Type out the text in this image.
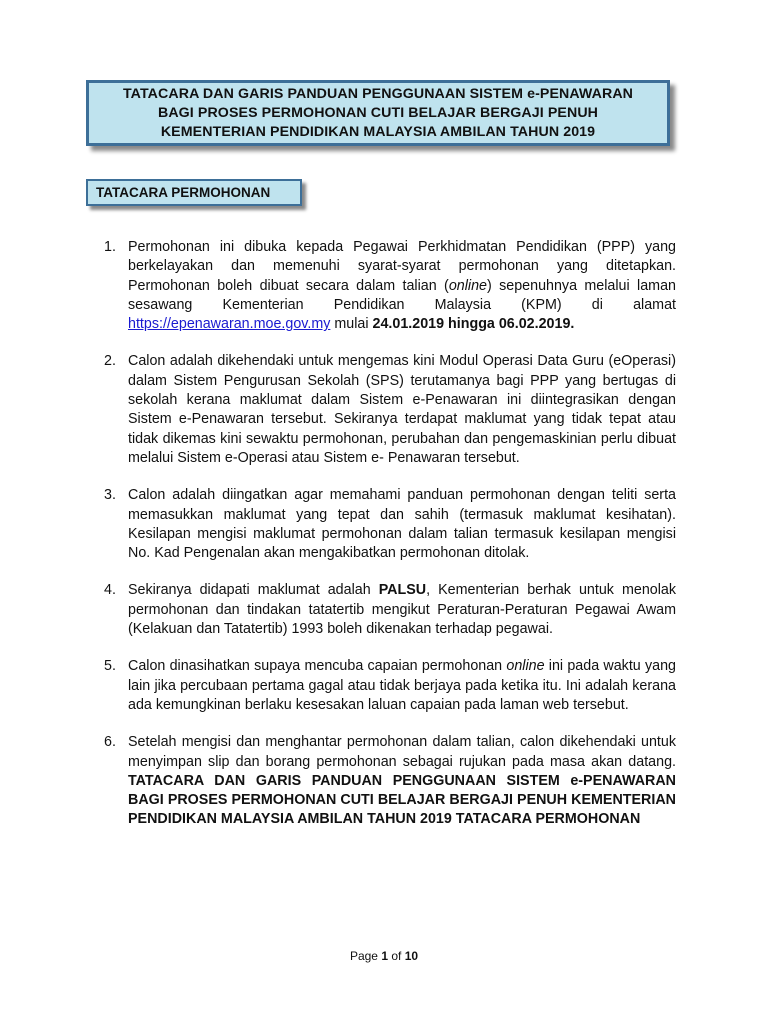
TATACARA DAN GARIS PANDUAN PENGGUNAAN SISTEM e-PENAWARAN
BAGI PROSES PERMOHONAN CUTI BELAJAR BERGAJI PENUH
KEMENTERIAN PENDIDIKAN MALAYSIA AMBILAN TAHUN 2019
TATACARA PERMOHONAN
1. Permohonan ini dibuka kepada Pegawai Perkhidmatan Pendidikan (PPP) yang berkelayakan dan memenuhi syarat-syarat permohonan yang ditetapkan. Permohonan boleh dibuat secara dalam talian (online) sepenuhnya melalui laman sesawang Kementerian Pendidikan Malaysia (KPM) di alamat https://epenawaran.moe.gov.my mulai 24.01.2019 hingga 06.02.2019.
2. Calon adalah dikehendaki untuk mengemas kini Modul Operasi Data Guru (eOperasi) dalam Sistem Pengurusan Sekolah (SPS) terutamanya bagi PPP yang bertugas di sekolah kerana maklumat dalam Sistem e-Penawaran ini diintegrasikan dengan Sistem e-Penawaran tersebut. Sekiranya terdapat maklumat yang tidak tepat atau tidak dikemas kini sewaktu permohonan, perubahan dan pengemaskinian perlu dibuat melalui Sistem e-Operasi atau Sistem e- Penawaran tersebut.
3. Calon adalah diingatkan agar memahami panduan permohonan dengan teliti serta memasukkan maklumat yang tepat dan sahih (termasuk maklumat kesihatan). Kesilapan mengisi maklumat permohonan dalam talian termasuk kesilapan mengisi No. Kad Pengenalan akan mengakibatkan permohonan ditolak.
4. Sekiranya didapati maklumat adalah PALSU, Kementerian berhak untuk menolak permohonan dan tindakan tatatertib mengikut Peraturan-Peraturan Pegawai Awam (Kelakuan dan Tatatertib) 1993 boleh dikenakan terhadap pegawai.
5. Calon dinasihatkan supaya mencuba capaian permohonan online ini pada waktu yang lain jika percubaan pertama gagal atau tidak berjaya pada ketika itu. Ini adalah kerana ada kemungkinan berlaku kesesakan laluan capaian pada laman web tersebut.
6. Setelah mengisi dan menghantar permohonan dalam talian, calon dikehendaki untuk menyimpan slip dan borang permohonan sebagai rujukan pada masa akan datang. TATACARA DAN GARIS PANDUAN PENGGUNAAN SISTEM e-PENAWARAN BAGI PROSES PERMOHONAN CUTI BELAJAR BERGAJI PENUH KEMENTERIAN PENDIDIKAN MALAYSIA AMBILAN TAHUN 2019 TATACARA PERMOHONAN
Page 1 of 10
